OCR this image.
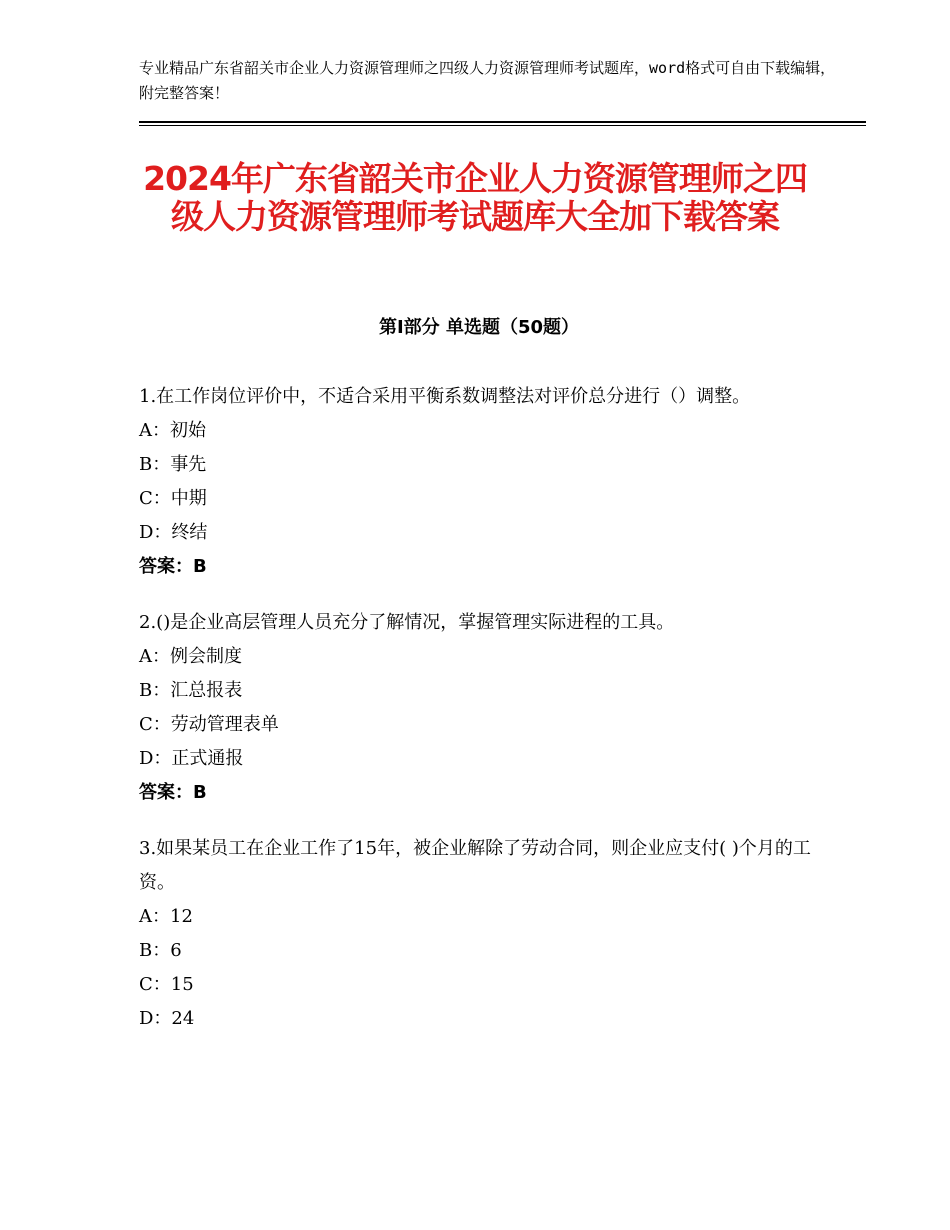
专业精品广东省韶关市企业人力资源管理师之四级人力资源管理师考试题库，word格式可自由下载编辑，附完整答案！
2024年广东省韶关市企业人力资源管理师之四级人力资源管理师考试题库大全加下载答案
第Ⅰ部分 单选题（50题）

1.在工作岗位评价中，不适合采用平衡系数调整法对评价总分进行（）调整。

A：初始

B：事先

C：中期

D：终结

答案：B

2.()是企业高层管理人员充分了解情况，掌握管理实际进程的工具。

A：例会制度

B：汇总报表

C：劳动管理表单

D：正式通报

答案：B

3.如果某员工在企业工作了15年，被企业解除了劳动合同，则企业应支付( )个月的工资。

A：12

B：6

C：15

D：24
